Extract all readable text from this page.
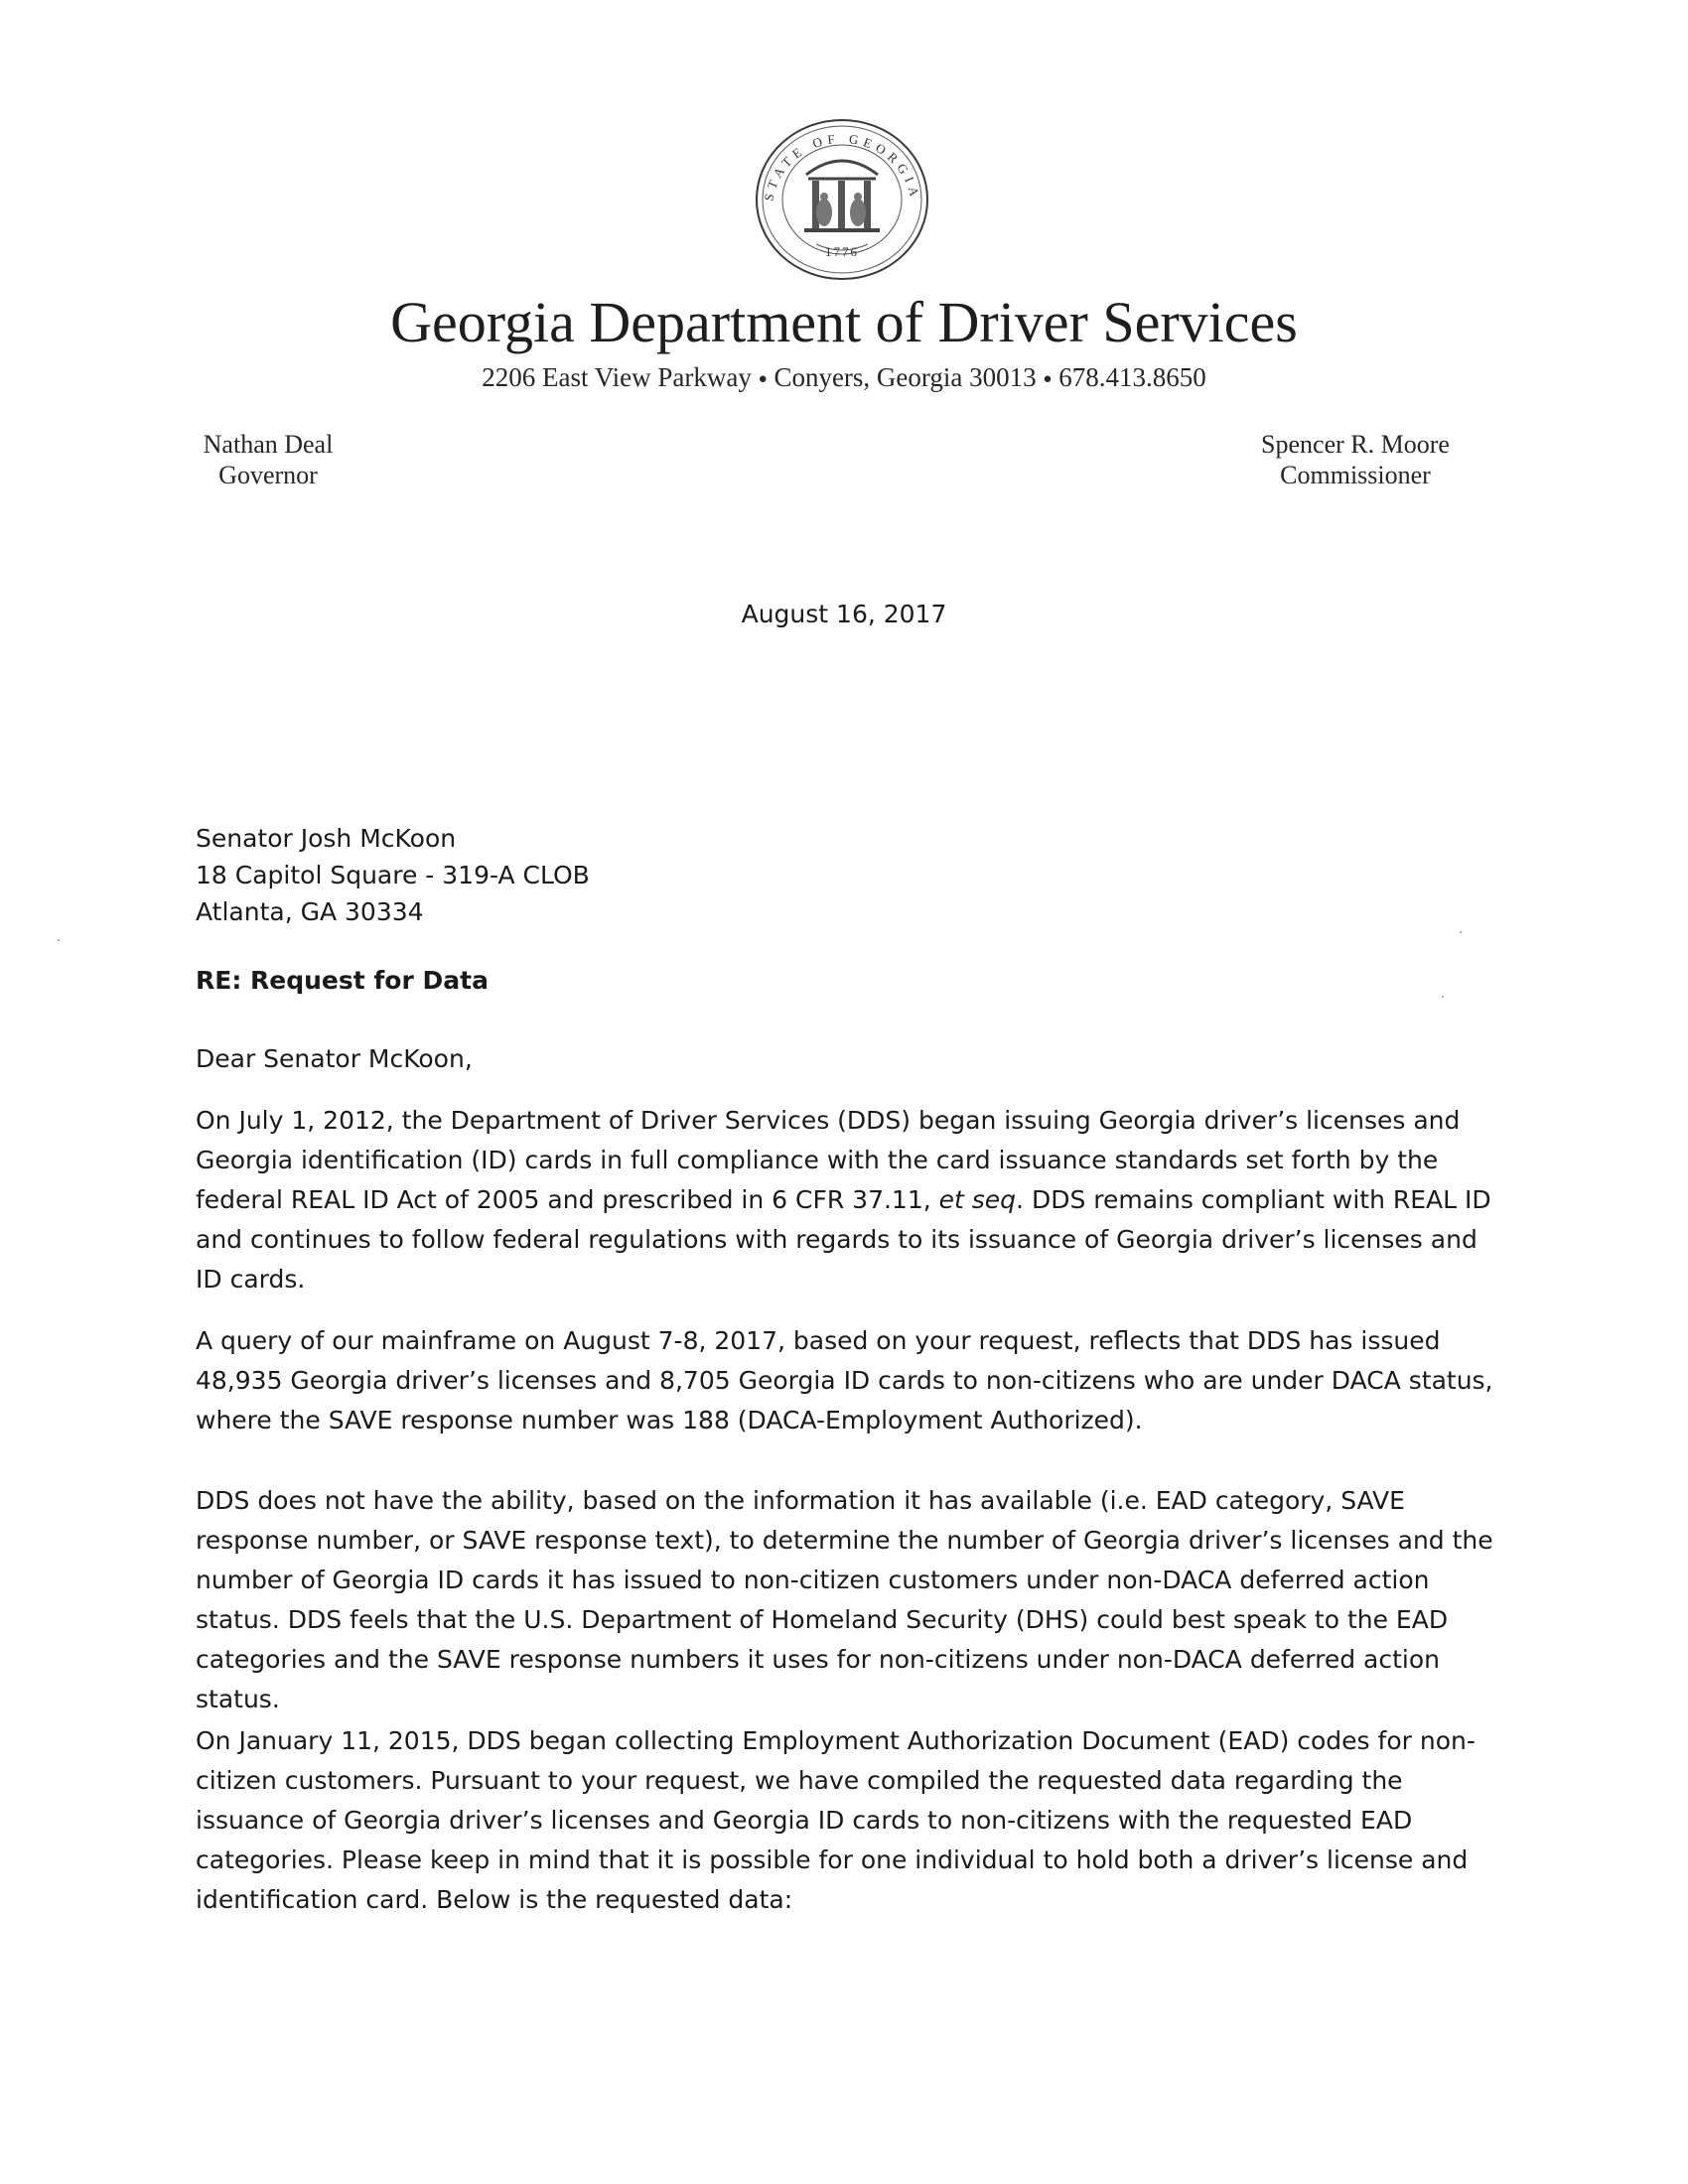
STATE OF GEORGIA
1776
Georgia Department of Driver Services
2206 East View Parkway ● Conyers, Georgia 30013 ● 678.413.8650
Nathan Deal
Governor
Spencer R. Moore
Commissioner
August 16, 2017
Senator Josh McKoon
18 Capitol Square - 319-A CLOB
Atlanta, GA 30334
RE: Request for Data
Dear Senator McKoon,
On July 1, 2012, the Department of Driver Services (DDS) began issuing Georgia driver’s licenses and
Georgia identification (ID) cards in full compliance with the card issuance standards set forth by the
federal REAL ID Act of 2005 and prescribed in 6 CFR 37.11, et seq. DDS remains compliant with REAL ID
and continues to follow federal regulations with regards to its issuance of Georgia driver’s licenses and
ID cards.
A query of our mainframe on August 7-8, 2017, based on your request, reflects that DDS has issued
48,935 Georgia driver’s licenses and 8,705 Georgia ID cards to non-citizens who are under DACA status,
where the SAVE response number was 188 (DACA-Employment Authorized).
DDS does not have the ability, based on the information it has available (i.e. EAD category, SAVE
response number, or SAVE response text), to determine the number of Georgia driver’s licenses and the
number of Georgia ID cards it has issued to non-citizen customers under non-DACA deferred action
status. DDS feels that the U.S. Department of Homeland Security (DHS) could best speak to the EAD
categories and the SAVE response numbers it uses for non-citizens under non-DACA deferred action
status.
On January 11, 2015, DDS began collecting Employment Authorization Document (EAD) codes for non-
citizen customers. Pursuant to your request, we have compiled the requested data regarding the
issuance of Georgia driver’s licenses and Georgia ID cards to non-citizens with the requested EAD
categories. Please keep in mind that it is possible for one individual to hold both a driver’s license and
identification card. Below is the requested data:
